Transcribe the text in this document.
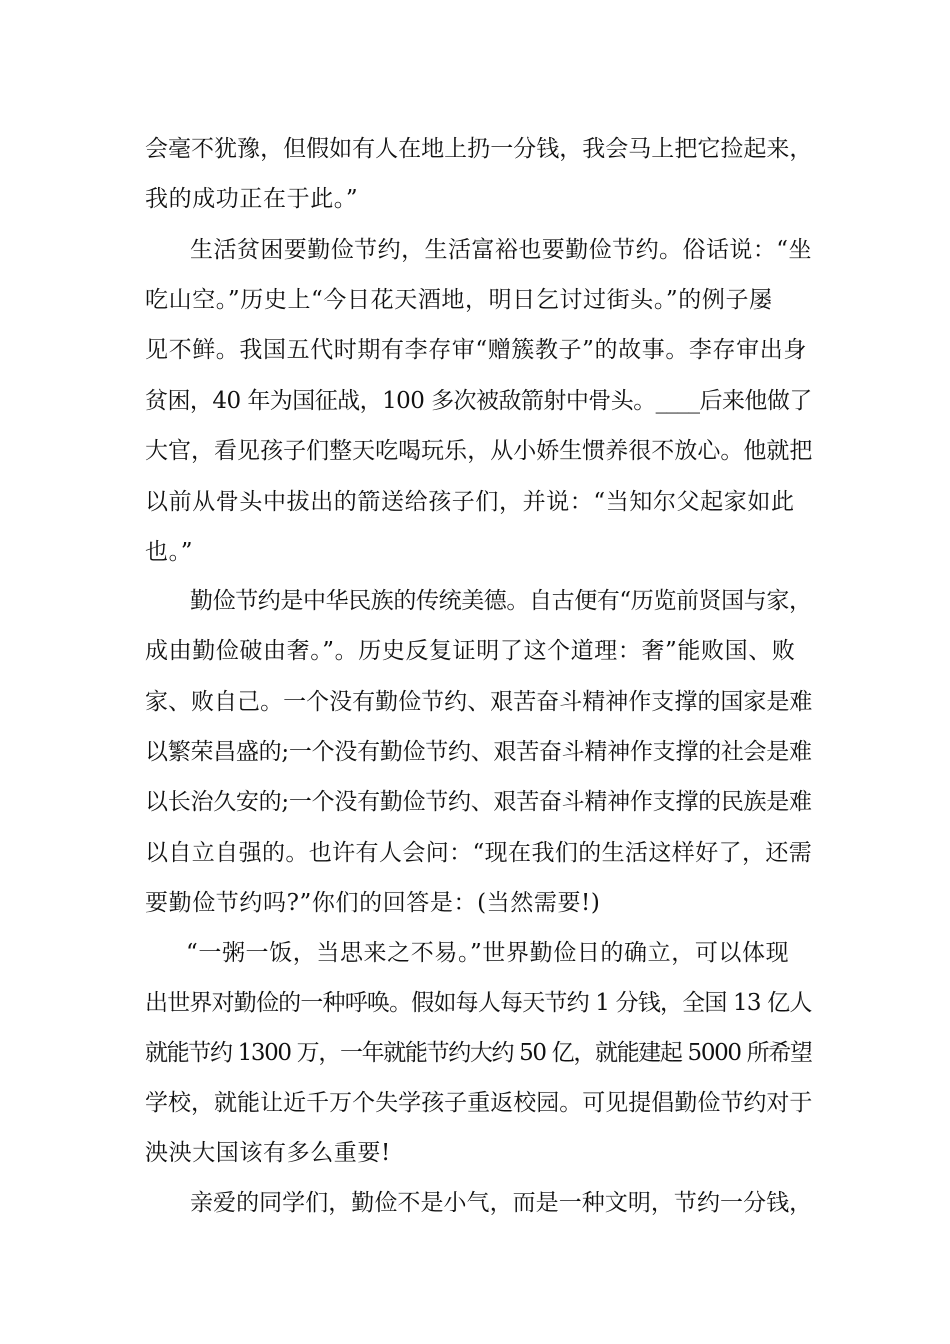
会毫不犹豫，但假如有人在地上扔一分钱，我会马上把它捡起来，
我的成功正在于此。”
生活贫困要勤俭节约，生活富裕也要勤俭节约。俗话说：“坐
吃山空。”历史上“今日花天酒地，明日乞讨过街头。”的例子屡
见不鲜。我国五代时期有李存审“赠簇教子”的故事。李存审出身
贫困，40 年为国征战，100 多次被敌箭射中骨头。____后来他做了
大官，看见孩子们整天吃喝玩乐，从小娇生惯养很不放心。他就把
以前从骨头中拔出的箭送给孩子们，并说：“当知尔父起家如此
也。”
勤俭节约是中华民族的传统美德。自古便有“历览前贤国与家，
成由勤俭破由奢。”。历史反复证明了这个道理：奢”能败国、败
家、败自己。一个没有勤俭节约、艰苦奋斗精神作支撑的国家是难
以繁荣昌盛的;一个没有勤俭节约、艰苦奋斗精神作支撑的社会是难
以长治久安的;一个没有勤俭节约、艰苦奋斗精神作支撑的民族是难
以自立自强的。也许有人会问：“现在我们的生活这样好了，还需
要勤俭节约吗?”你们的回答是：(当然需要!)
“一粥一饭，当思来之不易。”世界勤俭日的确立，可以体现
出世界对勤俭的一种呼唤。假如每人每天节约 1 分钱，全国 13 亿人
就能节约 1300 万，一年就能节约大约 50 亿，就能建起 5000 所希望
学校，就能让近千万个失学孩子重返校园。可见提倡勤俭节约对于
泱泱大国该有多么重要!
亲爱的同学们，勤俭不是小气，而是一种文明，节约一分钱，
